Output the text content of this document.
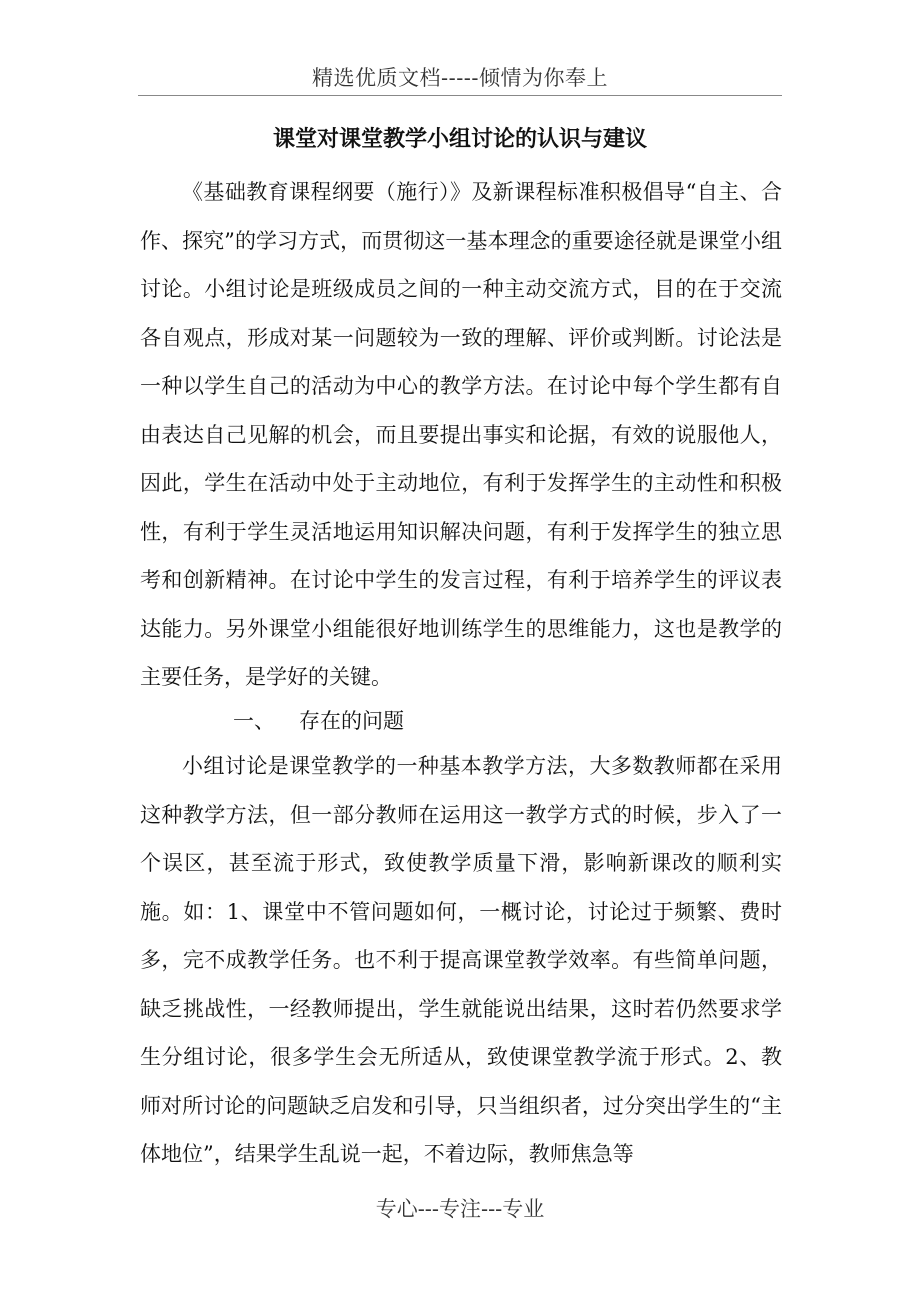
精选优质文档-----倾情为你奉上
课堂对课堂教学小组讨论的认识与建议

《基础教育课程纲要（施行）》及新课程标准积极倡导“自主、合作、探究”的学习方式，而贯彻这一基本理念的重要途径就是课堂小组讨论。小组讨论是班级成员之间的一种主动交流方式，目的在于交流各自观点，形成对某一问题较为一致的理解、评价或判断。讨论法是一种以学生自己的活动为中心的教学方法。在讨论中每个学生都有自由表达自己见解的机会，而且要提出事实和论据，有效的说服他人，因此，学生在活动中处于主动地位，有利于发挥学生的主动性和积极性，有利于学生灵活地运用知识解决问题，有利于发挥学生的独立思考和创新精神。在讨论中学生的发言过程，有利于培养学生的评议表达能力。另外课堂小组能很好地训练学生的思维能力，这也是教学的主要任务，是学好的关键。

一、 存在的问题

小组讨论是课堂教学的一种基本教学方法，大多数教师都在采用这种教学方法，但一部分教师在运用这一教学方式的时候，步入了一个误区，甚至流于形式，致使教学质量下滑，影响新课改的顺利实施。如：1、课堂中不管问题如何，一概讨论，讨论过于频繁、费时多，完不成教学任务。也不利于提高课堂教学效率。有些简单问题，缺乏挑战性，一经教师提出，学生就能说出结果，这时若仍然要求学生分组讨论，很多学生会无所适从，致使课堂教学流于形式。2、教师对所讨论的问题缺乏启发和引导，只当组织者，过分突出学生的“主体地位”，结果学生乱说一起，不着边际，教师焦急等

专心---专注---专业
